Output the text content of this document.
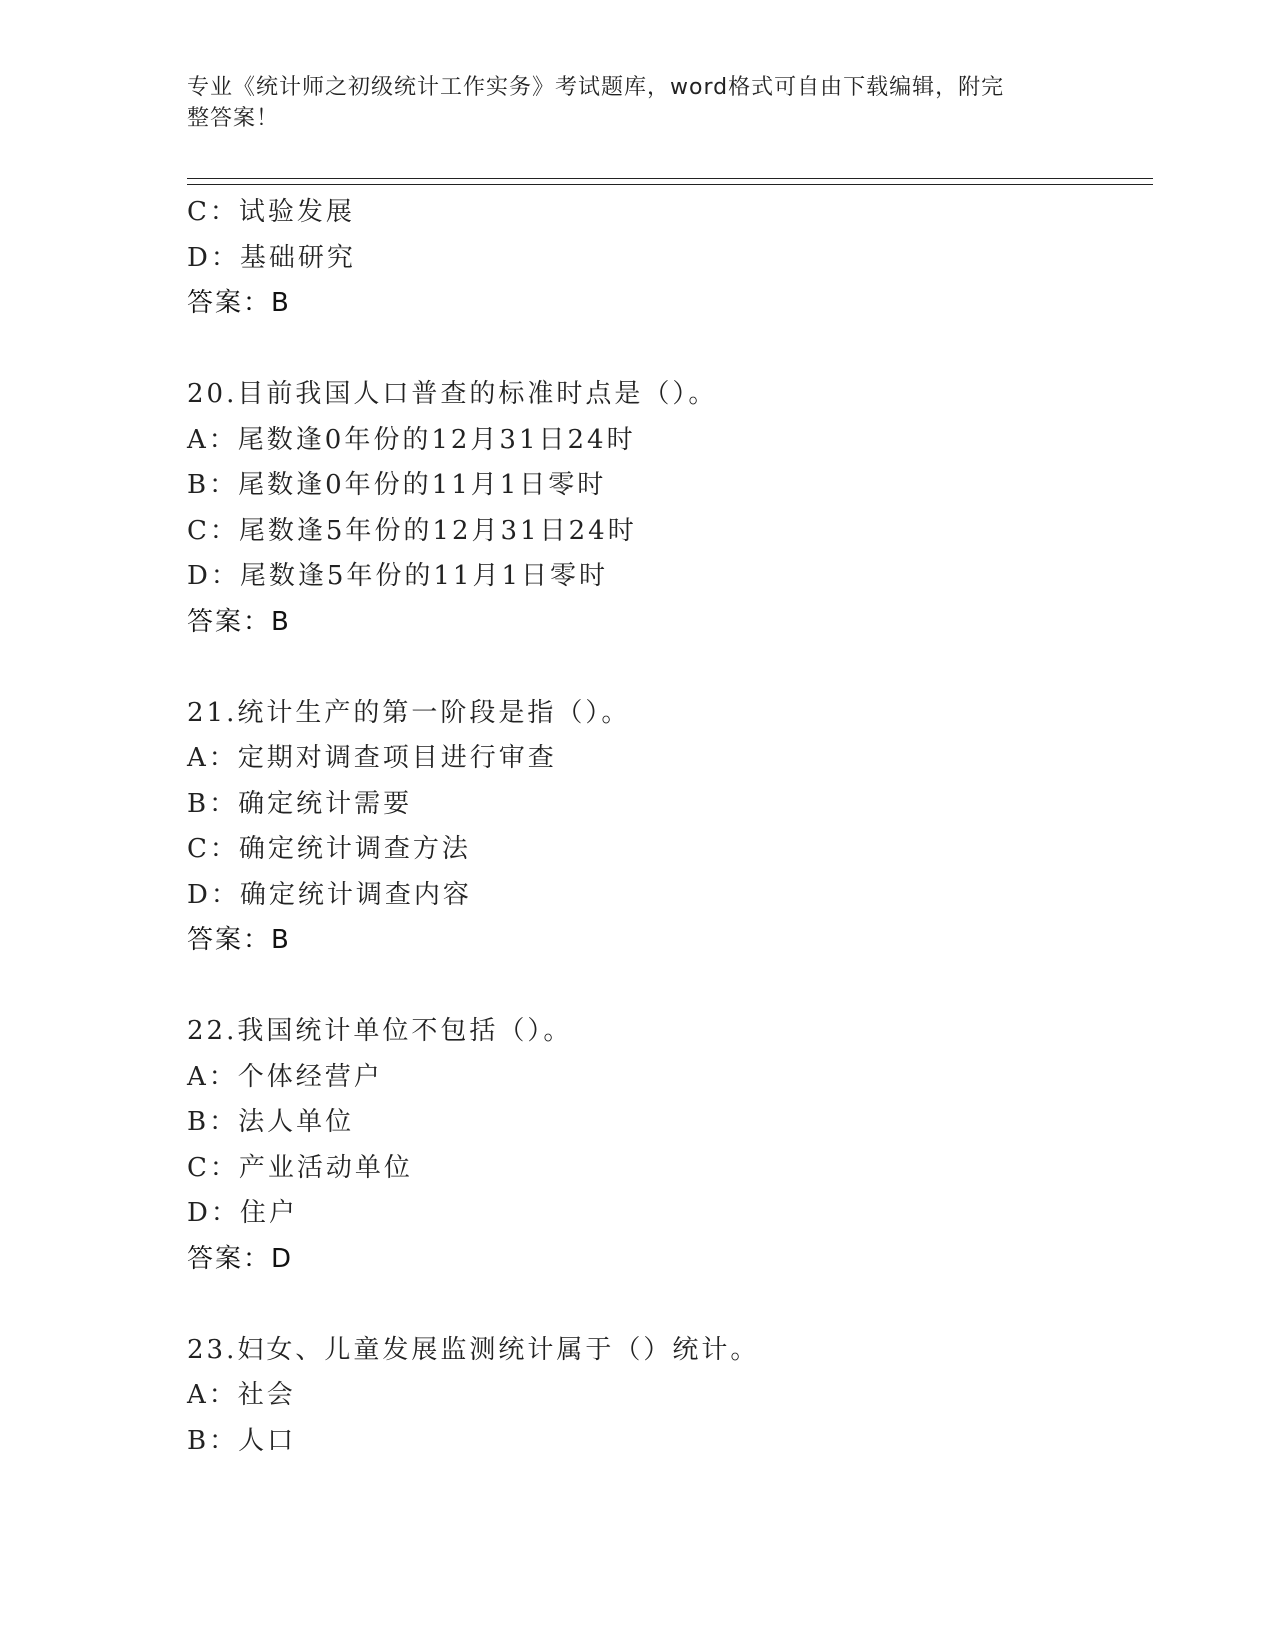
专业《统计师之初级统计工作实务》考试题库，word格式可自由下载编辑，附完
整答案！
C：试验发展
D：基础研究
答案：B
20.目前我国人口普查的标准时点是（）。
A：尾数逢0年份的12月31日24时
B：尾数逢0年份的11月1日零时
C：尾数逢5年份的12月31日24时
D：尾数逢5年份的11月1日零时
答案：B
21.统计生产的第一阶段是指（）。
A：定期对调查项目进行审查
B：确定统计需要
C：确定统计调查方法
D：确定统计调查内容
答案：B
22.我国统计单位不包括（）。
A：个体经营户
B：法人单位
C：产业活动单位
D：住户
答案：D
23.妇女、儿童发展监测统计属于（）统计。
A：社会
B：人口
